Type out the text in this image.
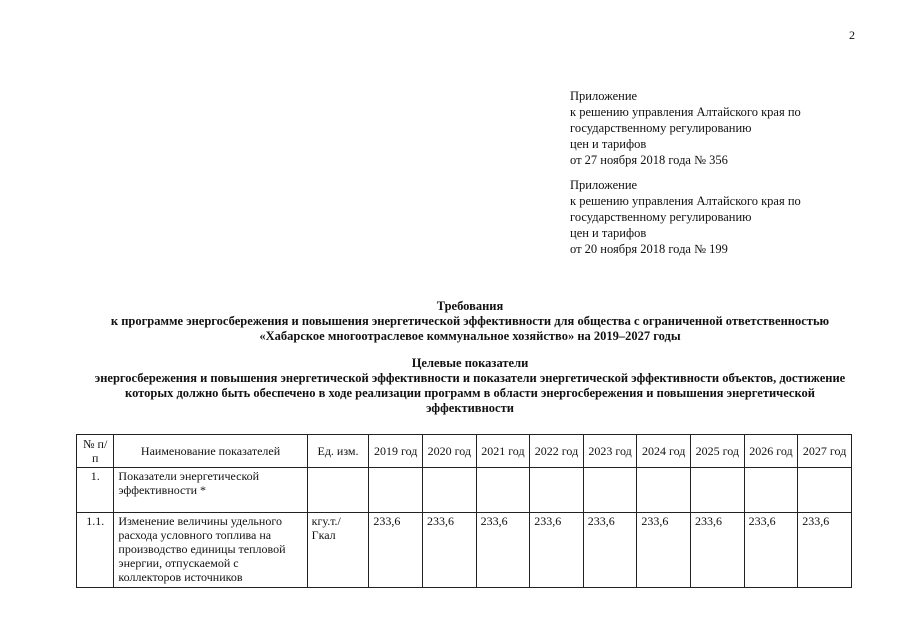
2
Приложение
к решению управления Алтайского края по
государственному регулированию
цен и тарифов
от 27 ноября 2018 года № 356
Приложение
к решению управления Алтайского края по
государственному регулированию
цен и тарифов
от 20 ноября 2018 года № 199
Требования
к программе энергосбережения и повышения энергетической эффективности для общества с ограниченной ответственностью
«Хабарское многоотраслевое коммунальное хозяйство» на 2019–2027 годы
Целевые показатели
энергосбережения и повышения энергетической эффективности и показатели энергетической эффективности объектов, достижение
которых должно быть обеспечено в ходе реализации программ в области энергосбережения и повышения энергетической эффективности
№ п/п	Наименование показателей	Ед. изм.	2019 год	2020 год	2021 год	2022 год	2023 год	2024 год	2025 год	2026 год	2027 год
1.	Показатели энергетической эффективности *										
1.1.	Изменение величины удельного расхода условного топлива на производство единицы тепловой энергии, отпускаемой с коллекторов источников	кгу.т./ Гкал	233,6	233,6	233,6	233,6	233,6	233,6	233,6	233,6	233,6
